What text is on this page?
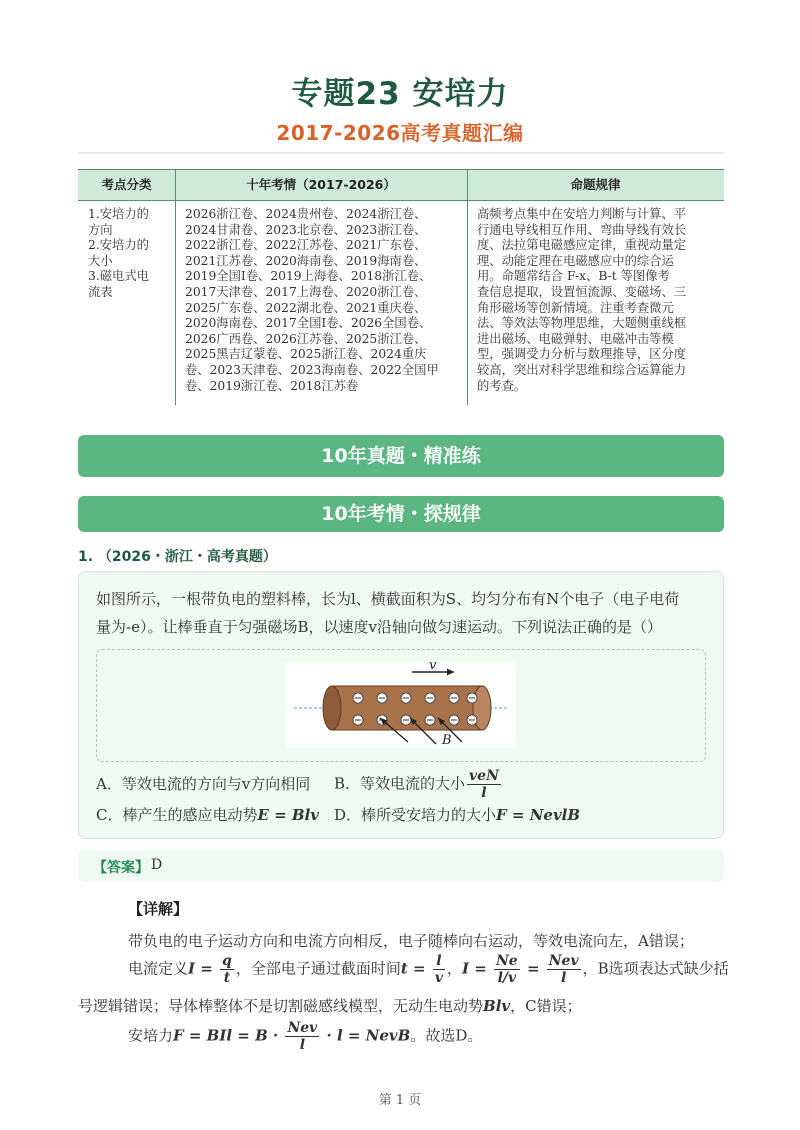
专题23 安培力
2017-2026高考真题汇编
考点分类	十年考情（2017-2026）	命题规律

1.安培力的

方向

2.安培力的

大小

3.磁电式电

流表

2026浙江卷、2024贵州卷、2024浙江卷、

2024甘肃卷、2023北京卷、2023浙江卷、

2022浙江卷、2022江苏卷、2021广东卷、

2021江苏卷、2020海南卷、2019海南卷、

2019全国I卷、2019上海卷、2018浙江卷、

2017天津卷、2017上海卷、2020浙江卷、

2025广东卷、2022湖北卷、2021重庆卷、

2020海南卷、2017全国I卷、2026全国卷、

2026广西卷、2026江苏卷、2025浙江卷、

2025黑吉辽蒙卷、2025浙江卷、2024重庆

卷、2023天津卷、2023海南卷、2022全国甲

卷、2019浙江卷、2018江苏卷

高频考点集中在安培力判断与计算、平

行通电导线相互作用、弯曲导线有效长

度、法拉第电磁感应定律，重视动量定

理、动能定理在电磁感应中的综合运

用。命题常结合 F-x、B-t 等图像考

查信息提取，设置恒流源、变磁场、三

角形磁场等创新情境。注重考查微元

法、等效法等物理思维，大题侧重线框

进出磁场、电磁弹射、电磁冲击等模

型，强调受力分析与数理推导，区分度

较高，突出对科学思维和综合运算能力

的考查。

10年真题・精准练
10年考情・探规律
1. （2026・浙江・高考真题）
如图所示，一根带负电的塑料棒，长为l、横截面积为S、均匀分布有N个电子（电子电荷
量为-e）。让棒垂直于匀强磁场B，以速度v沿轴向做匀速运动。下列说法正确的是（）
v
B
A．等效电流的方向与v方向相同 B．等效电流的大小 $\frac{\text{veN}}{l}$
C．棒产生的感应电动势E = Blv D．棒所受安培力的大小F = NevlB
【答案】 D
【详解】
带负电的电子运动方向和电流方向相反，电子随棒向右运动，等效电流向左，A错误；
电流定义$I = \frac{q}{t}$ ，全部电子通过截面时间$t = \frac{l}{v}$ ，$I = \frac{Ne}{l/v} = \frac{\text{Nev}}{l}$ ，B选项表达式缺少括
号逻辑错误；导体棒整体不是切割磁感线模型，无动生电动势Blv，C错误；
安培力F = BIl = $B \cdot \frac{\text{Nev}}{l} \cdot l$ = NevB。故选D。
第 1 页
